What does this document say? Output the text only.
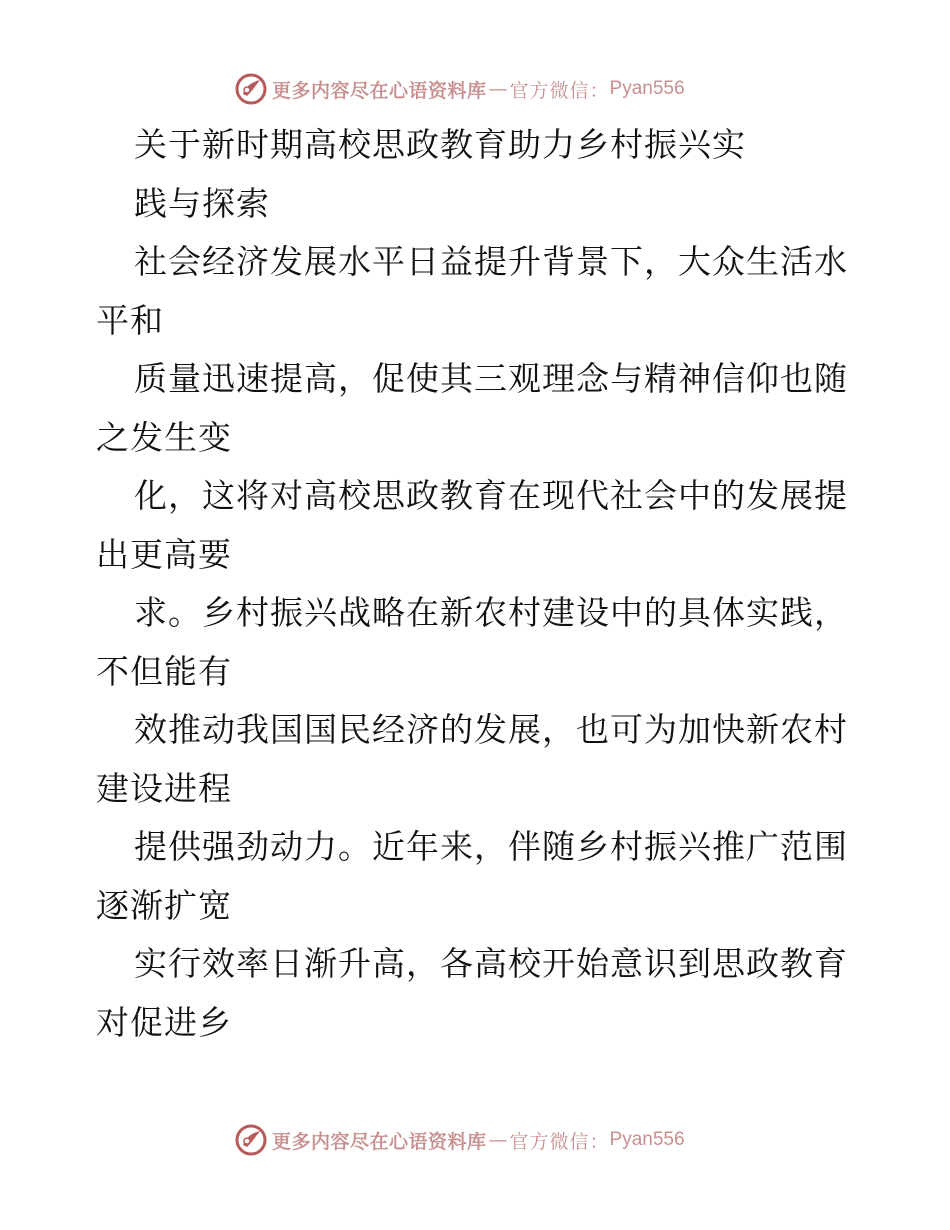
更多内容尽在心语资料库 — 官方微信： Pyan556
关于新时期高校思政教育助力乡村振兴实
践与探索
社会经济发展水平日益提升背景下，大众生活水
平和
质量迅速提高，促使其三观理念与精神信仰也随
之发生变
化，这将对高校思政教育在现代社会中的发展提
出更高要
求。乡村振兴战略在新农村建设中的具体实践，
不但能有
效推动我国国民经济的发展，也可为加快新农村
建设进程
提供强劲动力。近年来，伴随乡村振兴推广范围
逐渐扩宽
实行效率日渐升高，各高校开始意识到思政教育
对促进乡
更多内容尽在心语资料库 — 官方微信： Pyan556
